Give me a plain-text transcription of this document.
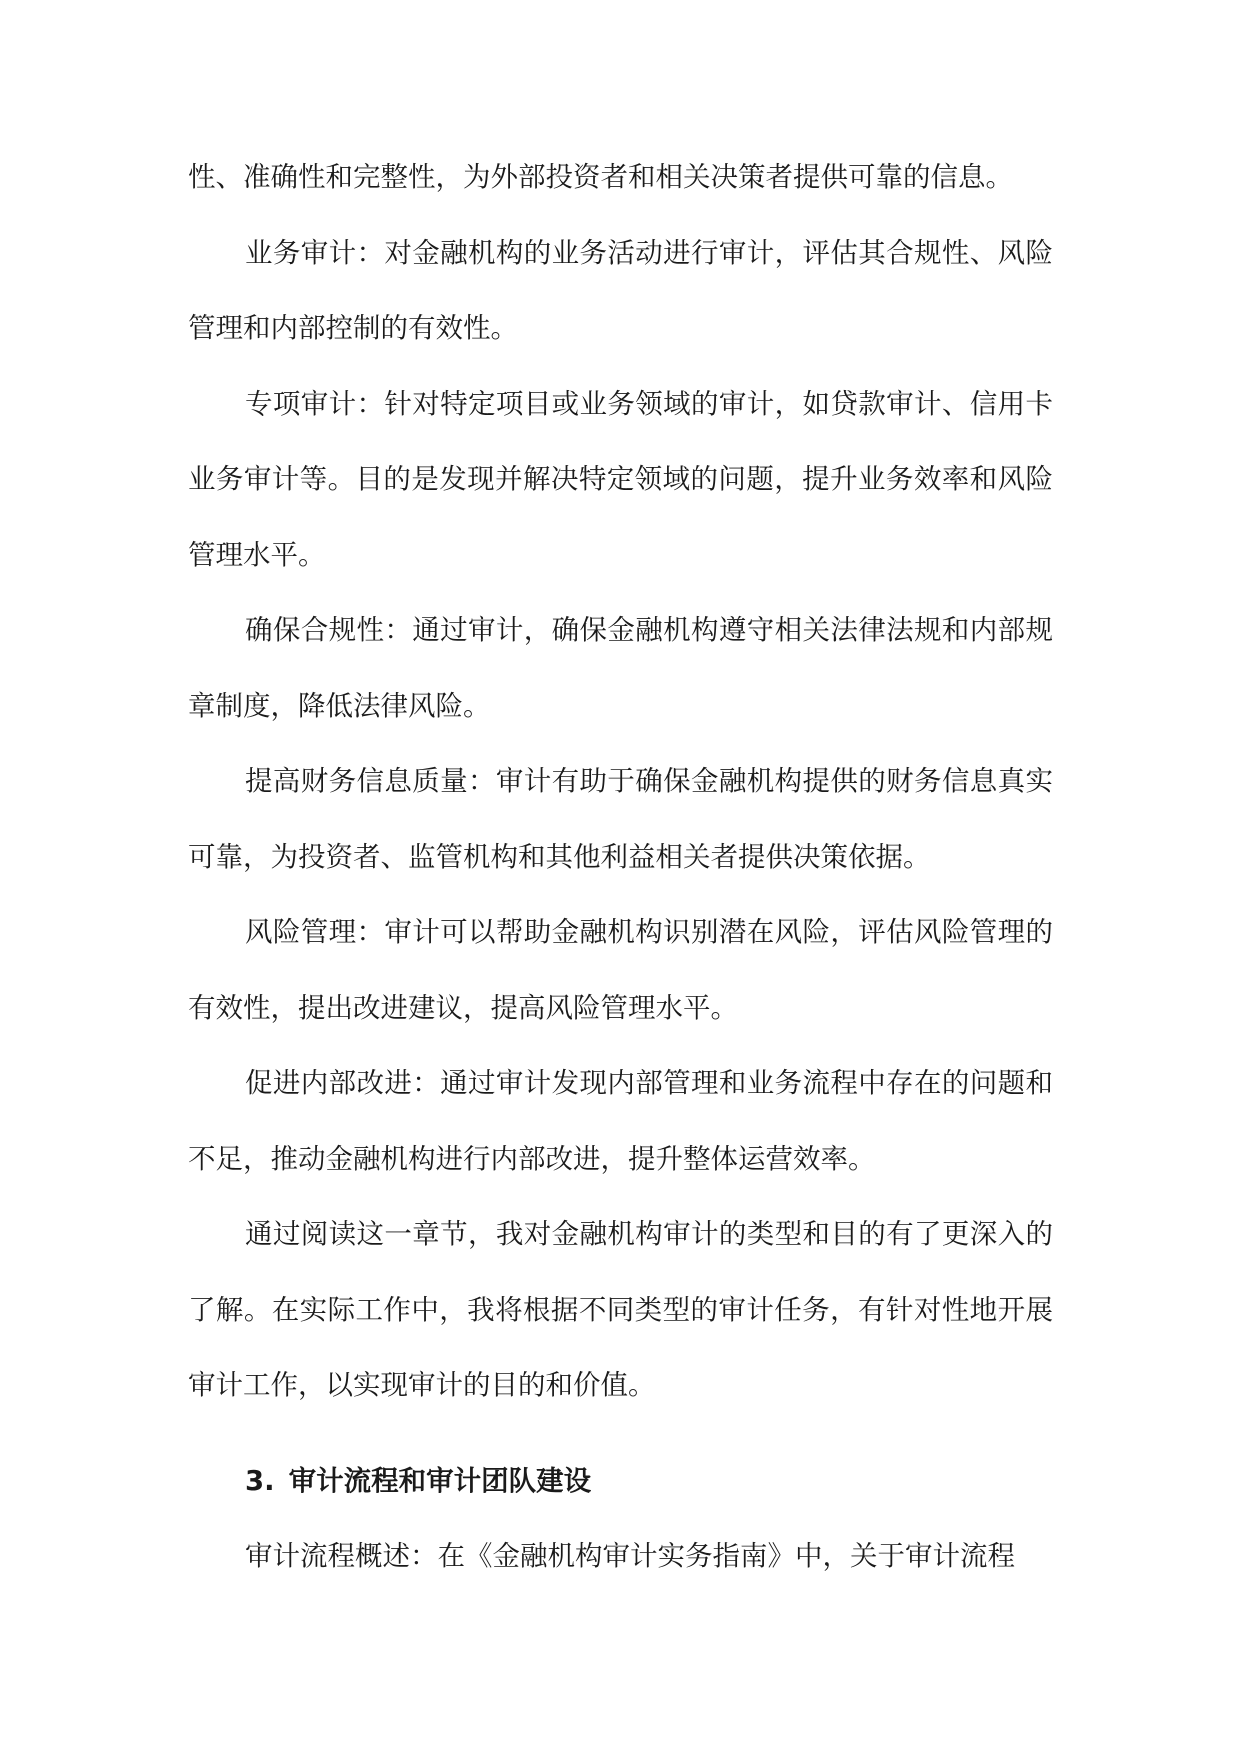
性、准确性和完整性，为外部投资者和相关决策者提供可靠的信息。

业务审计：对金融机构的业务活动进行审计，评估其合规性、风险管理和内部控制的有效性。

专项审计：针对特定项目或业务领域的审计，如贷款审计、信用卡业务审计等。目的是发现并解决特定领域的问题，提升业务效率和风险管理水平。

确保合规性：通过审计，确保金融机构遵守相关法律法规和内部规章制度，降低法律风险。

提高财务信息质量：审计有助于确保金融机构提供的财务信息真实可靠，为投资者、监管机构和其他利益相关者提供决策依据。

风险管理：审计可以帮助金融机构识别潜在风险，评估风险管理的有效性，提出改进建议，提高风险管理水平。

促进内部改进：通过审计发现内部管理和业务流程中存在的问题和不足，推动金融机构进行内部改进，提升整体运营效率。

通过阅读这一章节，我对金融机构审计的类型和目的有了更深入的了解。在实际工作中，我将根据不同类型的审计任务，有针对性地开展审计工作，以实现审计的目的和价值。

3. 审计流程和审计团队建设

审计流程概述：在《金融机构审计实务指南》中，关于审计流程
